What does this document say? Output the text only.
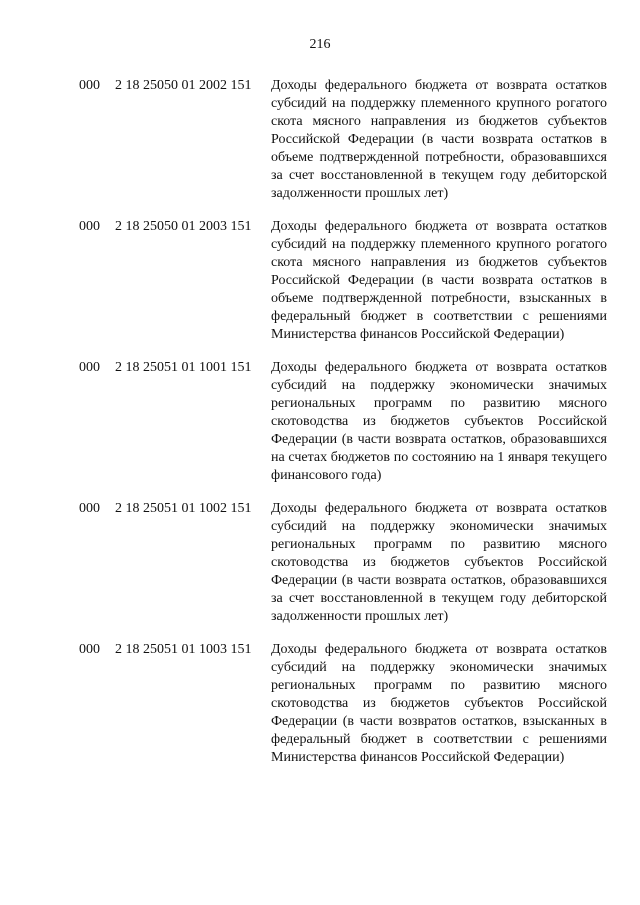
216
000 2 18 25050 01 2002 151 Доходы федерального бюджета от возврата остатков субсидий на поддержку племенного крупного рогатого скота мясного направления из бюджетов субъектов Российской Федерации (в части возврата остатков в объеме подтвержденной потребности, образовавшихся за счет восстановленной в текущем году дебиторской задолженности прошлых лет)
000 2 18 25050 01 2003 151 Доходы федерального бюджета от возврата остатков субсидий на поддержку племенного крупного рогатого скота мясного направления из бюджетов субъектов Российской Федерации (в части возврата остатков в объеме подтвержденной потребности, взысканных в федеральный бюджет в соответствии с решениями Министерства финансов Российской Федерации)
000 2 18 25051 01 1001 151 Доходы федерального бюджета от возврата остатков субсидий на поддержку экономически значимых региональных программ по развитию мясного скотоводства из бюджетов субъектов Российской Федерации (в части возврата остатков, образовавшихся на счетах бюджетов по состоянию на 1 января текущего финансового года)
000 2 18 25051 01 1002 151 Доходы федерального бюджета от возврата остатков субсидий на поддержку экономически значимых региональных программ по развитию мясного скотоводства из бюджетов субъектов Российской Федерации (в части возврата остатков, образовавшихся за счет восстановленной в текущем году дебиторской задолженности прошлых лет)
000 2 18 25051 01 1003 151 Доходы федерального бюджета от возврата остатков субсидий на поддержку экономически значимых региональных программ по развитию мясного скотоводства из бюджетов субъектов Российской Федерации (в части возвратов остатков, взысканных в федеральный бюджет в соответствии с решениями Министерства финансов Российской Федерации)
